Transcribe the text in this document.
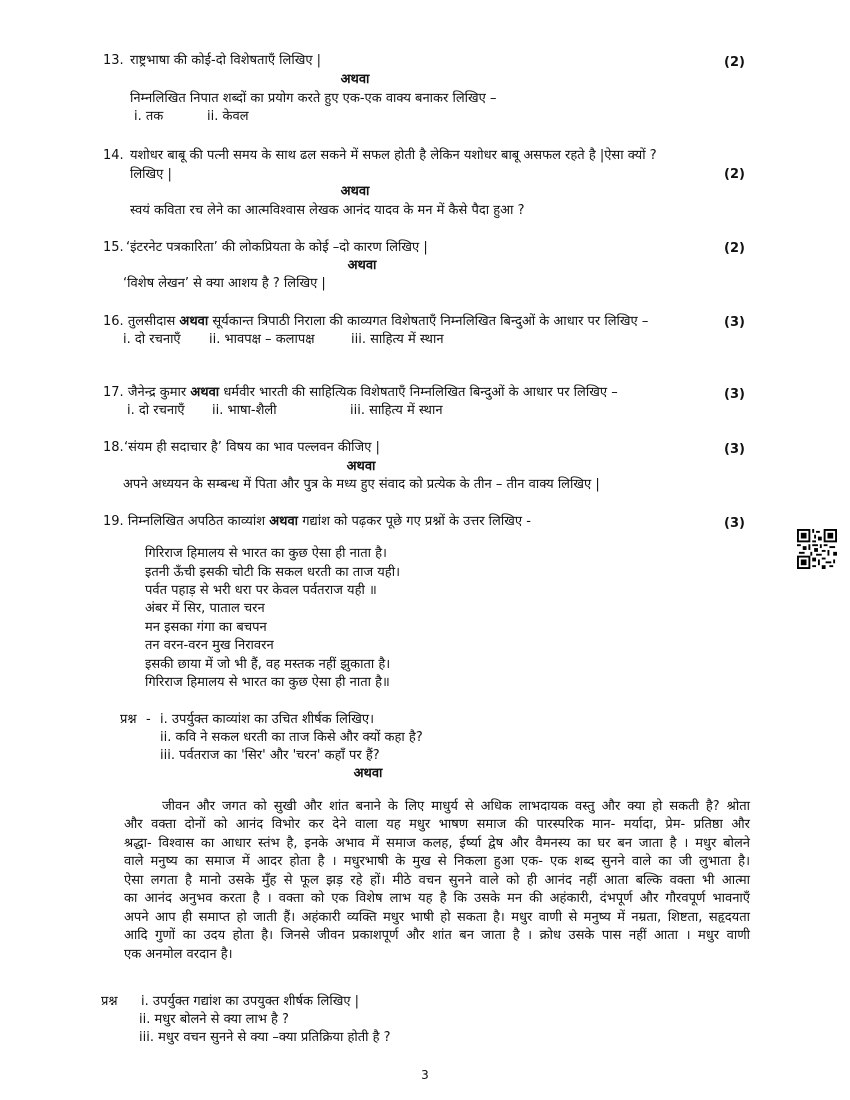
13. राष्ट्रभाषा की कोई-दो विशेषताएँ लिखिए |	(2)
अथवा
निम्नलिखित निपात शब्दों का प्रयोग करते हुए एक-एक वाक्य बनाकर लिखिए –
i. तक	ii. केवल
14. यशोधर बाबू की पत्नी समय के साथ ढल सकने में सफल होती है लेकिन यशोधर बाबू असफल रहते है |ऐसा क्यों ?
लिखिए |	(2)
अथवा
स्वयं कविता रच लेने का आत्मविश्वास लेखक आनंद यादव के मन में कैसे पैदा हुआ ?
15. ‘इंटरनेट पत्रकारिता’ की लोकप्रियता के कोई –दो कारण लिखिए |	(2)
अथवा
‘विशेष लेखन’ से क्या आशय है ? लिखिए |
16. तुलसीदास अथवा सूर्यकान्त त्रिपाठी निराला की काव्यगत विशेषताएँ निम्नलिखित बिन्दुओं के आधार पर लिखिए –	(3)
i. दो रचनाएँ ii. भावपक्ष – कलापक्ष	iii. साहित्य में स्थान
17. जैनेन्द्र कुमार अथवा धर्मवीर भारती की साहित्यिक विशेषताएँ निम्नलिखित बिन्दुओं के आधार पर लिखिए –	(3)
i. दो रचनाएँ ii. भाषा-शैली	iii. साहित्य में स्थान
18. ‘संयम ही सदाचार है’ विषय का भाव पल्लवन कीजिए |	(3)
अथवा
अपने अध्ययन के सम्बन्ध में पिता और पुत्र के मध्य हुए संवाद को प्रत्येक के तीन – तीन वाक्य लिखिए |
19. निम्नलिखित अपठित काव्यांश अथवा गद्यांश को पढ़कर पूछे गए प्रश्नों के उत्तर लिखिए -	(3)
गिरिराज हिमालय से भारत का कुछ ऐसा ही नाता है।
इतनी ऊँची इसकी चोटी कि सकल धरती का ताज यही।
पर्वत पहाड़ से भरी धरा पर केवल पर्वतराज यही ॥
अंबर में सिर, पाताल चरन
मन इसका गंगा का बचपन
तन वरन-वरन मुख निरावरन
इसकी छाया में जो भी हैं, वह मस्तक नहीं झुकाता है।
गिरिराज हिमालय से भारत का कुछ ऐसा ही नाता है॥
प्रश्न - i. उपर्युक्त काव्यांश का उचित शीर्षक लिखिए।
ii. कवि ने सकल धरती का ताज किसे और क्यों कहा है?
iii. पर्वतराज का 'सिर' और 'चरन' कहाँ पर हैं?
अथवा
जीवन और जगत को सुखी और शांत बनाने के लिए माधुर्य से अधिक लाभदायक वस्तु और क्या हो सकती है? श्रोता
और वक्ता दोनों को आनंद विभोर कर देने वाला यह मधुर भाषण समाज की पारस्परिक मान- मर्यादा, प्रेम- प्रतिष्ठा और
श्रद्धा- विश्वास का आधार स्तंभ है, इनके अभाव में समाज कलह, ईर्ष्या द्वेष और वैमनस्य का घर बन जाता है । मधुर बोलने
वाले मनुष्य का समाज में आदर होता है । मधुरभाषी के मुख से निकला हुआ एक- एक शब्द सुनने वाले का जी लुभाता है।
ऐसा लगता है मानो उसके मुँह से फूल झड़ रहे हों। मीठे वचन सुनने वाले को ही आनंद नहीं आता बल्कि वक्ता भी आत्मा
का आनंद अनुभव करता है । वक्ता को एक विशेष लाभ यह है कि उसके मन की अहंकारी, दंभपूर्ण और गौरवपूर्ण भावनाएँ
अपने आप ही समाप्त हो जाती हैं। अहंकारी व्यक्ति मधुर भाषी हो सकता है। मधुर वाणी से मनुष्य में नम्रता, शिष्टता, सहृदयता
आदि गुणों का उदय होता है। जिनसे जीवन प्रकाशपूर्ण और शांत बन जाता है । क्रोध उसके पास नहीं आता । मधुर वाणी
एक अनमोल वरदान है।
प्रश्न i. उपर्युक्त गद्यांश का उपयुक्त शीर्षक लिखिए |
ii. मधुर बोलने से क्या लाभ है ?
iii. मधुर वचन सुनने से क्या –क्या प्रतिक्रिया होती है ?
3
